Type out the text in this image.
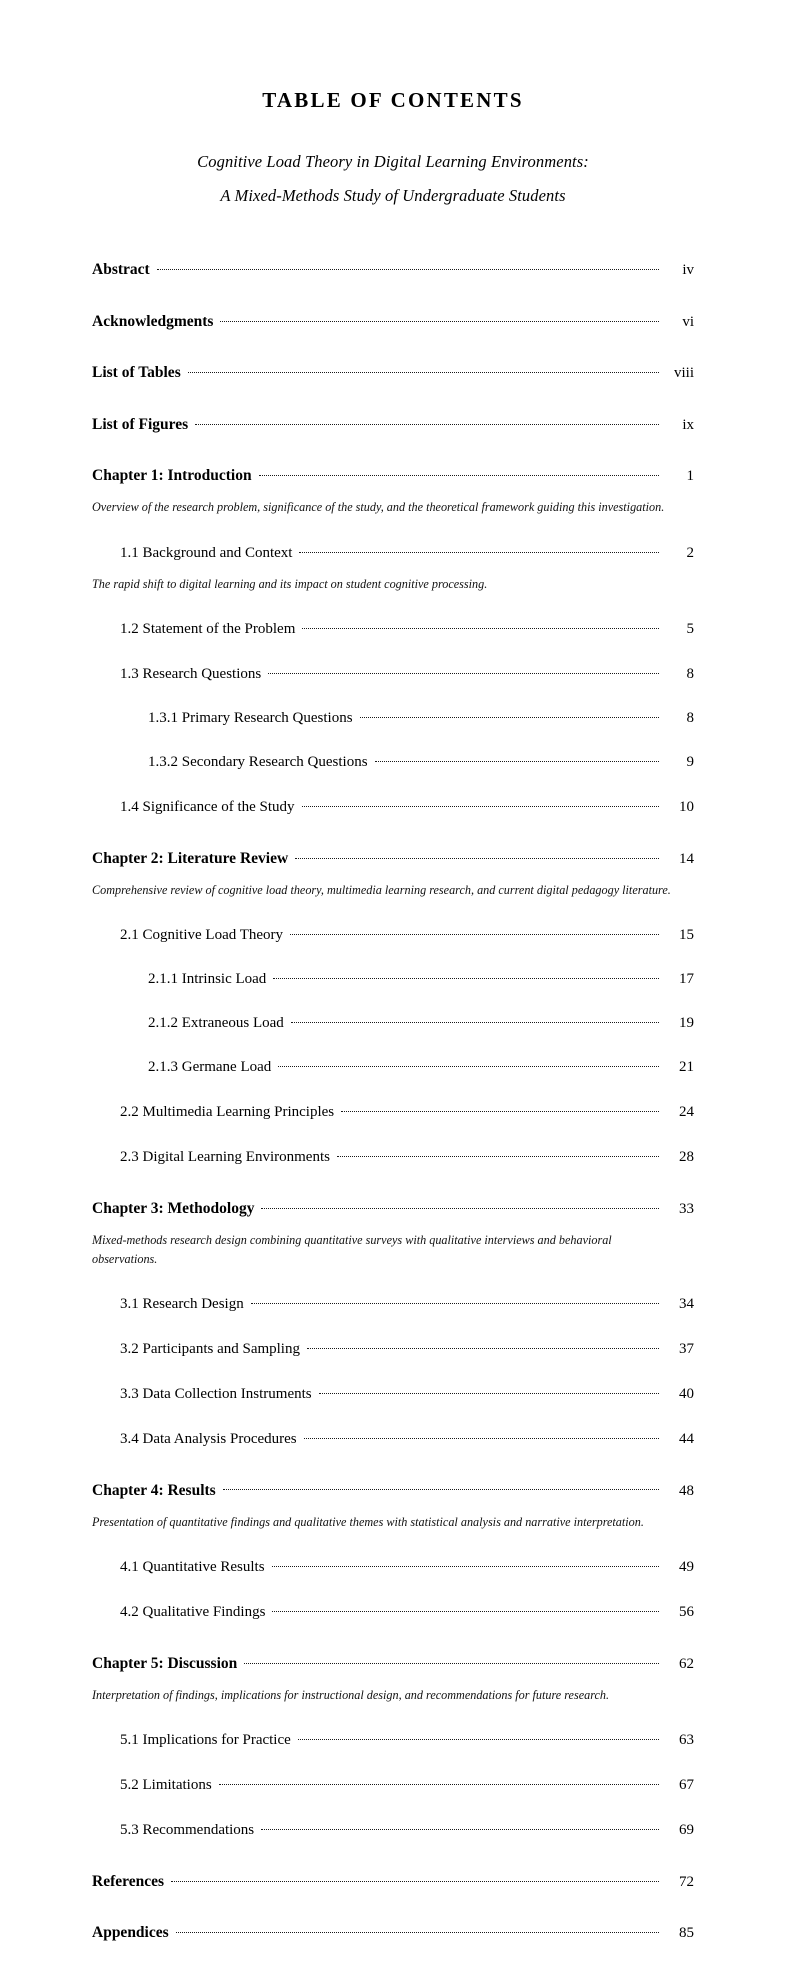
TABLE OF CONTENTS
Cognitive Load Theory in Digital Learning Environments:
A Mixed-Methods Study of Undergraduate Students
Abstract	iv
Acknowledgments	vi
List of Tables	viii
List of Figures	ix
Chapter 1: Introduction	1

Overview of the research problem, significance of the study, and the theoretical framework guiding this investigation.

1.1 Background and Context	2

The rapid shift to digital learning and its impact on student cognitive processing.

1.2 Statement of the Problem	5
1.3 Research Questions	8
1.3.1 Primary Research Questions	8
1.3.2 Secondary Research Questions	9
1.4 Significance of the Study	10
Chapter 2: Literature Review	14

Comprehensive review of cognitive load theory, multimedia learning research, and current digital pedagogy literature.

2.1 Cognitive Load Theory	15
2.1.1 Intrinsic Load	17
2.1.2 Extraneous Load	19
2.1.3 Germane Load	21
2.2 Multimedia Learning Principles	24
2.3 Digital Learning Environments	28
Chapter 3: Methodology	33

Mixed-methods research design combining quantitative surveys with qualitative interviews and behavioral observations.

3.1 Research Design	34
3.2 Participants and Sampling	37
3.3 Data Collection Instruments	40
3.4 Data Analysis Procedures	44
Chapter 4: Results	48

Presentation of quantitative findings and qualitative themes with statistical analysis and narrative interpretation.

4.1 Quantitative Results	49
4.2 Qualitative Findings	56
Chapter 5: Discussion	62

Interpretation of findings, implications for instructional design, and recommendations for future research.

5.1 Implications for Practice	63
5.2 Limitations	67
5.3 Recommendations	69
References	72
Appendices	85
